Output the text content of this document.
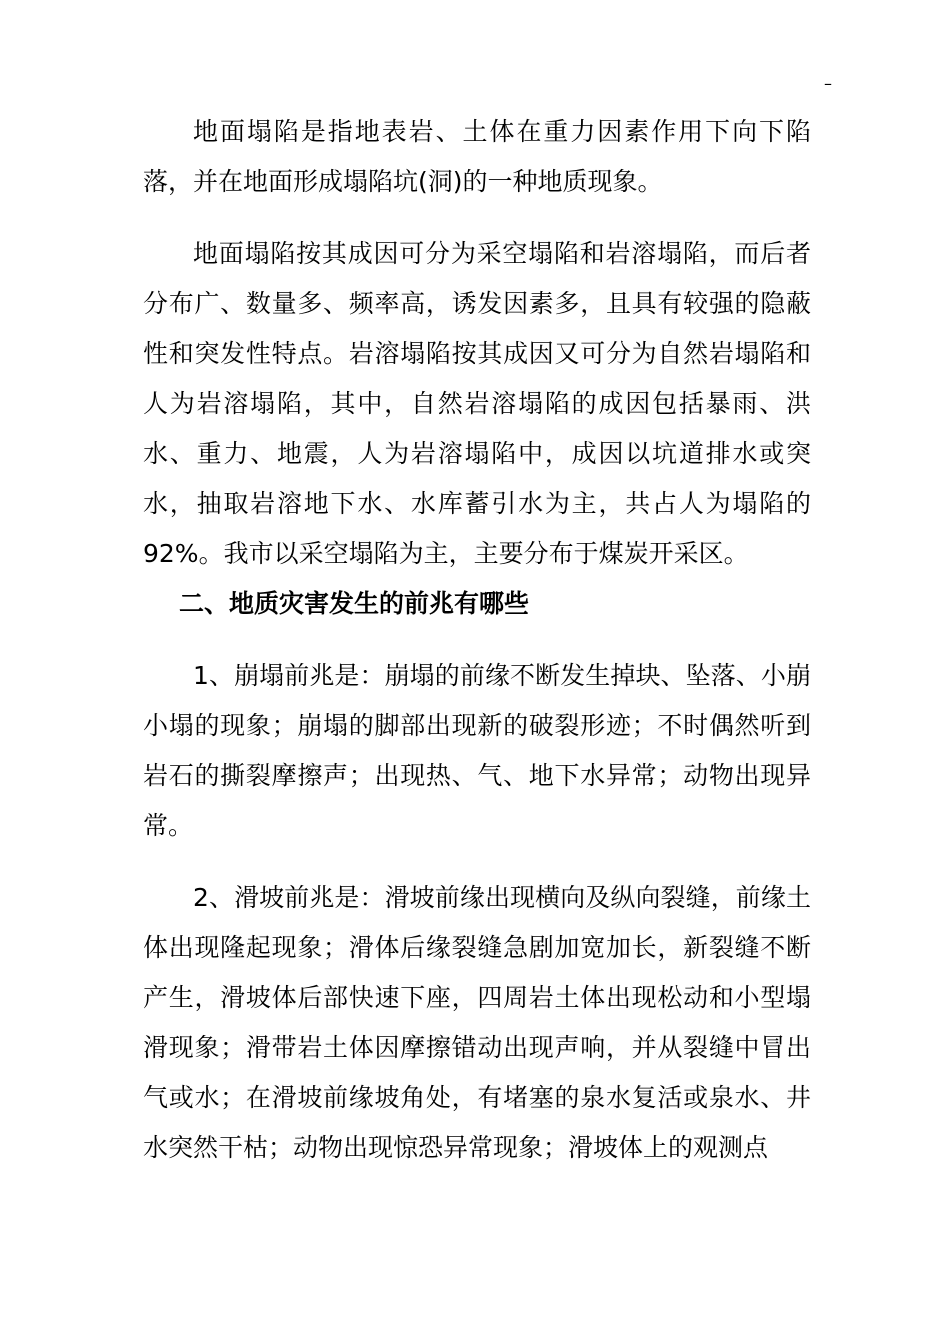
–

地面塌陷是指地表岩、土体在重力因素作用下向下陷落，并在地面形成塌陷坑(洞)的一种地质现象。

地面塌陷按其成因可分为采空塌陷和岩溶塌陷，而后者分布广、数量多、频率高，诱发因素多，且具有较强的隐蔽性和突发性特点。岩溶塌陷按其成因又可分为自然岩塌陷和人为岩溶塌陷，其中，自然岩溶塌陷的成因包括暴雨、洪水、重力、地震，人为岩溶塌陷中，成因以坑道排水或突水，抽取岩溶地下水、水库蓄引水为主，共占人为塌陷的 92%。我市以采空塌陷为主，主要分布于煤炭开采区。

二、地质灾害发生的前兆有哪些

1、崩塌前兆是：崩塌的前缘不断发生掉块、坠落、小崩小塌的现象；崩塌的脚部出现新的破裂形迹；不时偶然听到岩石的撕裂摩擦声；出现热、气、地下水异常；动物出现异常。

2、滑坡前兆是：滑坡前缘出现横向及纵向裂缝，前缘土体出现隆起现象；滑体后缘裂缝急剧加宽加长，新裂缝不断产生，滑坡体后部快速下座，四周岩土体出现松动和小型塌滑现象；滑带岩土体因摩擦错动出现声响，并从裂缝中冒出气或水；在滑坡前缘坡角处，有堵塞的泉水复活或泉水、井水突然干枯；动物出现惊恐异常现象；滑坡体上的观测点
